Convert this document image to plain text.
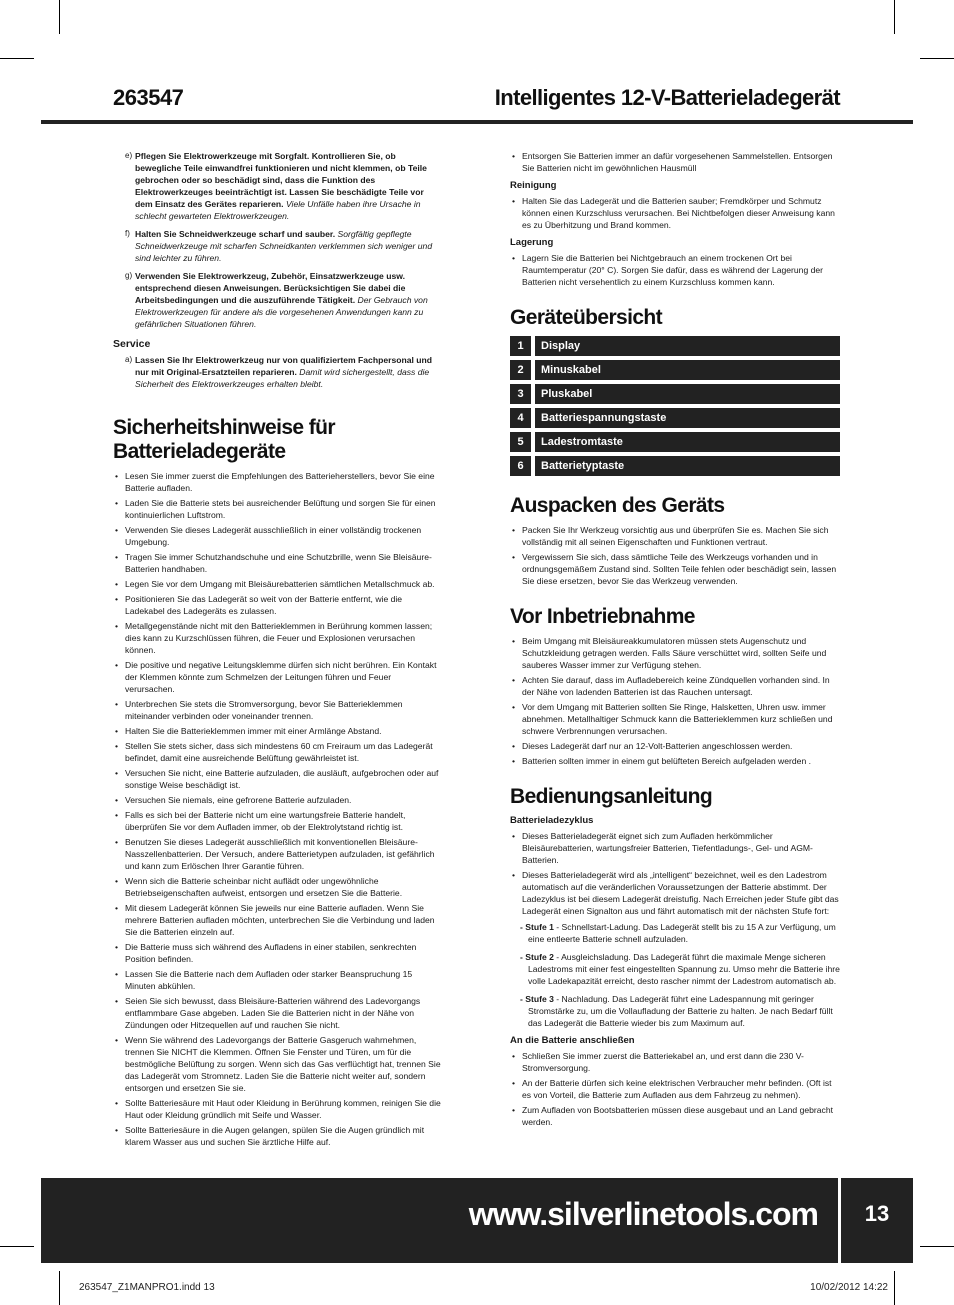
263547	Intelligentes 12-V-Batterieladegerät
e) Pflegen Sie Elektrowerkzeuge mit Sorgfalt. Kontrollieren Sie, ob bewegliche Teile einwandfrei funktionieren und nicht klemmen, ob Teile gebrochen oder so beschädigt sind, dass die Funktion des Elektrowerkzeuges beeinträchtigt ist. Lassen Sie beschädigte Teile vor dem Einsatz des Gerätes reparieren. Viele Unfälle haben ihre Ursache in schlecht gewarteten Elektrowerkzeugen.
f) Halten Sie Schneidwerkzeuge scharf und sauber. Sorgfältig gepflegte Schneidwerkzeuge mit scharfen Schneidkanten verklemmen sich weniger und sind leichter zu führen.
g) Verwenden Sie Elektrowerkzeug, Zubehör, Einsatzwerkzeuge usw. entsprechend diesen Anweisungen. Berücksichtigen Sie dabei die Arbeitsbedingungen und die auszuführende Tätigkeit. Der Gebrauch von Elektrowerkzeugen für andere als die vorgesehenen Anwendungen kann zu gefährlichen Situationen führen.
Service
a) Lassen Sie Ihr Elektrowerkzeug nur von qualifiziertem Fachpersonal und nur mit Original-Ersatzteilen reparieren. Damit wird sichergestellt, dass die Sicherheit des Elektrowerkzeuges erhalten bleibt.
Sicherheitshinweise für Batterieladegeräte
• Lesen Sie immer zuerst die Empfehlungen des Batterieherstellers, bevor Sie eine Batterie aufladen.
• Laden Sie die Batterie stets bei ausreichender Belüftung und sorgen Sie für einen kontinuierlichen Luftstrom.
• Verwenden Sie dieses Ladegerät ausschließlich in einer vollständig trockenen Umgebung.
• Tragen Sie immer Schutzhandschuhe und eine Schutzbrille, wenn Sie Bleisäure-Batterien handhaben.
• Legen Sie vor dem Umgang mit Bleisäurebatterien sämtlichen Metallschmuck ab.
• Positionieren Sie das Ladegerät so weit von der Batterie entfernt, wie die Ladekabel des Ladegeräts es zulassen.
• Metallgegenstände nicht mit den Batterieklemmen in Berührung kommen lassen; dies kann zu Kurzschlüssen führen, die Feuer und Explosionen verursachen können.
• Die positive und negative Leitungsklemme dürfen sich nicht berühren. Ein Kontakt der Klemmen könnte zum Schmelzen der Leitungen führen und Feuer verursachen.
• Unterbrechen Sie stets die Stromversorgung, bevor Sie Batterieklemmen miteinander verbinden oder voneinander trennen.
• Halten Sie die Batterieklemmen immer mit einer Armlänge Abstand.
• Stellen Sie stets sicher, dass sich mindestens 60 cm Freiraum um das Ladegerät befindet, damit eine ausreichende Belüftung gewährleistet ist.
• Versuchen Sie nicht, eine Batterie aufzuladen, die ausläuft, aufgebrochen oder auf sonstige Weise beschädigt ist.
• Versuchen Sie niemals, eine gefrorene Batterie aufzuladen.
• Falls es sich bei der Batterie nicht um eine wartungsfreie Batterie handelt, überprüfen Sie vor dem Aufladen immer, ob der Elektrolytstand richtig ist.
• Benutzen Sie dieses Ladegerät ausschließlich mit konventionellen Bleisäure-Nasszellenbatterien. Der Versuch, andere Batterietypen aufzuladen, ist gefährlich und kann zum Erlöschen Ihrer Garantie führen.
• Wenn sich die Batterie scheinbar nicht auflädt oder ungewöhnliche Betriebseigenschaften aufweist, entsorgen und ersetzen Sie die Batterie.
• Mit diesem Ladegerät können Sie jeweils nur eine Batterie aufladen. Wenn Sie mehrere Batterien aufladen möchten, unterbrechen Sie die Verbindung und laden Sie die Batterien einzeln auf.
• Die Batterie muss sich während des Aufladens in einer stabilen, senkrechten Position befinden.
• Lassen Sie die Batterie nach dem Aufladen oder starker Beanspruchung 15 Minuten abkühlen.
• Seien Sie sich bewusst, dass Bleisäure-Batterien während des Ladevorgangs entflammbare Gase abgeben. Laden Sie die Batterien nicht in der Nähe von Zündungen oder Hitzequellen auf und rauchen Sie nicht.
• Wenn Sie während des Ladevorgangs der Batterie Gasgeruch wahrnehmen, trennen Sie NICHT die Klemmen. Öffnen Sie Fenster und Türen, um für die bestmögliche Belüftung zu sorgen. Wenn sich das Gas verflüchtigt hat, trennen Sie das Ladegerät vom Stromnetz. Laden Sie die Batterie nicht weiter auf, sondern entsorgen und ersetzen Sie sie.
• Sollte Batteriesäure mit Haut oder Kleidung in Berührung kommen, reinigen Sie die Haut oder Kleidung gründlich mit Seife und Wasser.
• Sollte Batteriesäure in die Augen gelangen, spülen Sie die Augen gründlich mit klarem Wasser aus und suchen Sie ärztliche Hilfe auf.
• Entsorgen Sie Batterien immer an dafür vorgesehenen Sammelstellen. Entsorgen Sie Batterien nicht im gewöhnlichen Hausmüll
Reinigung
• Halten Sie das Ladegerät und die Batterien sauber; Fremdkörper und Schmutz können einen Kurzschluss verursachen. Bei Nichtbefolgen dieser Anweisung kann es zu Überhitzung und Brand kommen.
Lagerung
• Lagern Sie die Batterien bei Nichtgebrauch an einem trockenen Ort bei Raumtemperatur (20° C). Sorgen Sie dafür, dass es während der Lagerung der Batterien nicht versehentlich zu einem Kurzschluss kommen kann.
Geräteübersicht
1	Display
2	Minuskabel
3	Pluskabel
4	Batteriespannungstaste
5	Ladestromtaste
6	Batterietyptaste
Auspacken des Geräts
• Packen Sie Ihr Werkzeug vorsichtig aus und überprüfen Sie es. Machen Sie sich vollständig mit all seinen Eigenschaften und Funktionen vertraut.
• Vergewissern Sie sich, dass sämtliche Teile des Werkzeugs vorhanden und in ordnungsgemäßem Zustand sind. Sollten Teile fehlen oder beschädigt sein, lassen Sie diese ersetzen, bevor Sie das Werkzeug verwenden.
Vor Inbetriebnahme
• Beim Umgang mit Bleisäureakkumulatoren müssen stets Augenschutz und Schutzkleidung getragen werden. Falls Säure verschüttet wird, sollten Seife und sauberes Wasser immer zur Verfügung stehen.
• Achten Sie darauf, dass im Aufladebereich keine Zündquellen vorhanden sind. In der Nähe von ladenden Batterien ist das Rauchen untersagt.
• Vor dem Umgang mit Batterien sollten Sie Ringe, Halsketten, Uhren usw. immer abnehmen. Metallhaltiger Schmuck kann die Batterieklemmen kurz schließen und schwere Verbrennungen verursachen.
• Dieses Ladegerät darf nur an 12-Volt-Batterien angeschlossen werden.
• Batterien sollten immer in einem gut belüfteten Bereich aufgeladen werden .
Bedienungsanleitung
Batterieladezyklus
• Dieses Batterieladegerät eignet sich zum Aufladen herkömmlicher Bleisäurebatterien, wartungsfreier Batterien, Tiefentladungs-, Gel- und AGM-Batterien.
• Dieses Batterieladegerät wird als „intelligent“ bezeichnet, weil es den Ladestrom automatisch auf die veränderlichen Voraussetzungen der Batterie abstimmt. Der Ladezyklus ist bei diesem Ladegerät dreistufig. Nach Erreichen jeder Stufe gibt das Ladegerät einen Signalton aus und fährt automatisch mit der nächsten Stufe fort:
- Stufe 1 - Schnellstart-Ladung. Das Ladegerät stellt bis zu 15 A zur Verfügung, um eine entleerte Batterie schnell aufzuladen.
- Stufe 2 - Ausgleichsladung. Das Ladegerät führt die maximale Menge sicheren Ladestroms mit einer fest eingestellten Spannung zu. Umso mehr die Batterie ihre volle Ladekapazität erreicht, desto rascher nimmt der Ladestrom automatisch ab.
- Stufe 3 - Nachladung. Das Ladegerät führt eine Ladespannung mit geringer Stromstärke zu, um die Vollaufladung der Batterie zu halten. Je nach Bedarf füllt das Ladegerät die Batterie wieder bis zum Maximum auf.
An die Batterie anschließen
• Schließen Sie immer zuerst die Batteriekabel an, und erst dann die 230 V-Stromversorgung.
• An der Batterie dürfen sich keine elektrischen Verbraucher mehr befinden. (Oft ist es von Vorteil, die Batterie zum Aufladen aus dem Fahrzeug zu nehmen).
• Zum Aufladen von Bootsbatterien müssen diese ausgebaut und an Land gebracht werden.
www.silverlinetools.com	13
263547_Z1MANPRO1.indd 13	10/02/2012 14:22
